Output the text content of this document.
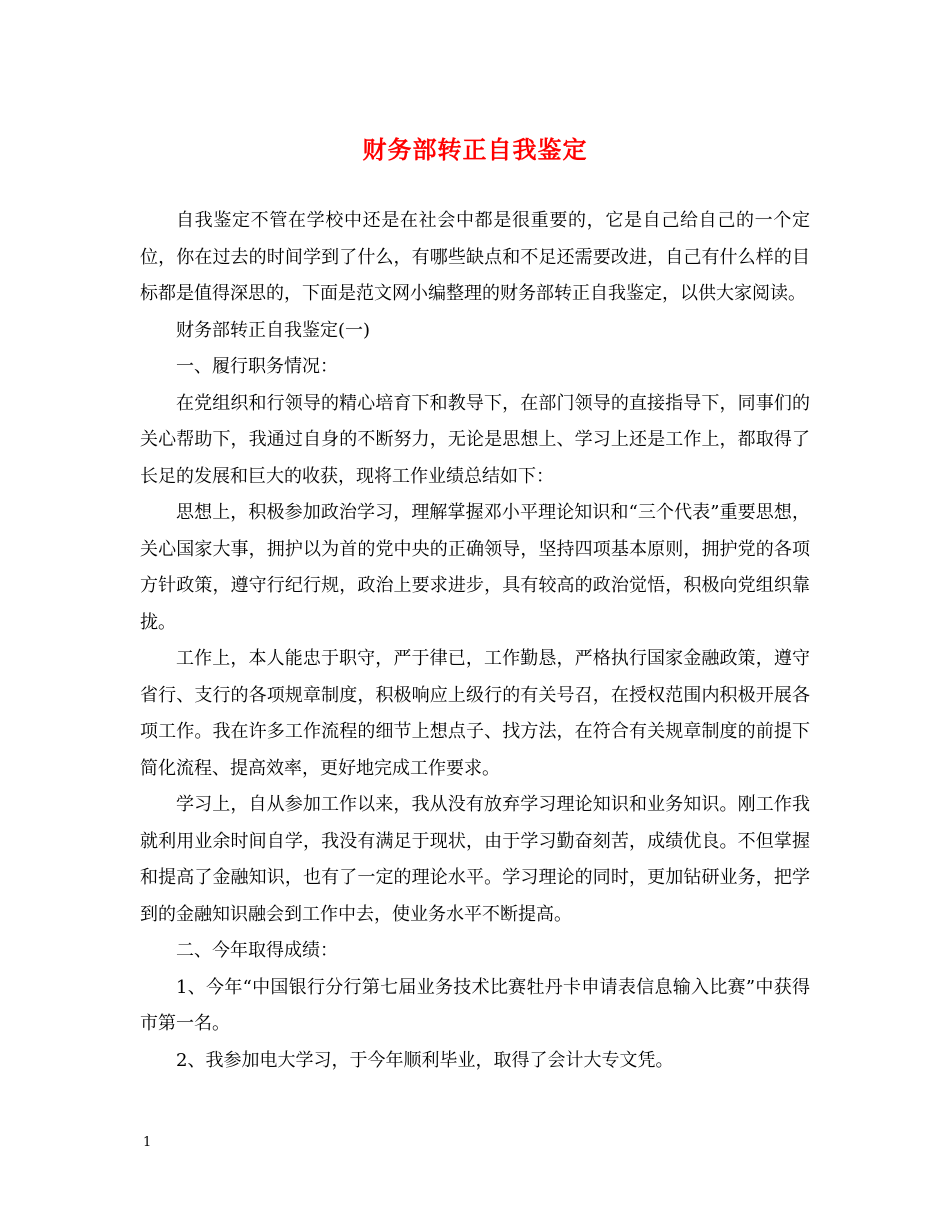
财务部转正自我鉴定

自我鉴定不管在学校中还是在社会中都是很重要的，它是自己给自己的一个定位，你在过去的时间学到了什么，有哪些缺点和不足还需要改进，自己有什么样的目标都是值得深思的，下面是范文网小编整理的财务部转正自我鉴定，以供大家阅读。

财务部转正自我鉴定(一)

一、履行职务情况：

在党组织和行领导的精心培育下和教导下，在部门领导的直接指导下，同事们的关心帮助下，我通过自身的不断努力，无论是思想上、学习上还是工作上，都取得了长足的发展和巨大的收获，现将工作业绩总结如下：

思想上，积极参加政治学习，理解掌握邓小平理论知识和“三个代表”重要思想，关心国家大事，拥护以为首的党中央的正确领导，坚持四项基本原则，拥护党的各项方针政策，遵守行纪行规，政治上要求进步，具有较高的政治觉悟，积极向党组织靠拢。

工作上，本人能忠于职守，严于律已，工作勤恳，严格执行国家金融政策，遵守省行、支行的各项规章制度，积极响应上级行的有关号召，在授权范围内积极开展各项工作。我在许多工作流程的细节上想点子、找方法，在符合有关规章制度的前提下简化流程、提高效率，更好地完成工作要求。

学习上，自从参加工作以来，我从没有放弃学习理论知识和业务知识。刚工作我就利用业余时间自学，我没有满足于现状，由于学习勤奋刻苦，成绩优良。不但掌握和提高了金融知识，也有了一定的理论水平。学习理论的同时，更加钻研业务，把学到的金融知识融会到工作中去，使业务水平不断提高。

二、今年取得成绩：

1、今年“中国银行分行第七届业务技术比赛牡丹卡申请表信息输入比赛”中获得市第一名。

2、我参加电大学习，于今年顺利毕业，取得了会计大专文凭。

1
